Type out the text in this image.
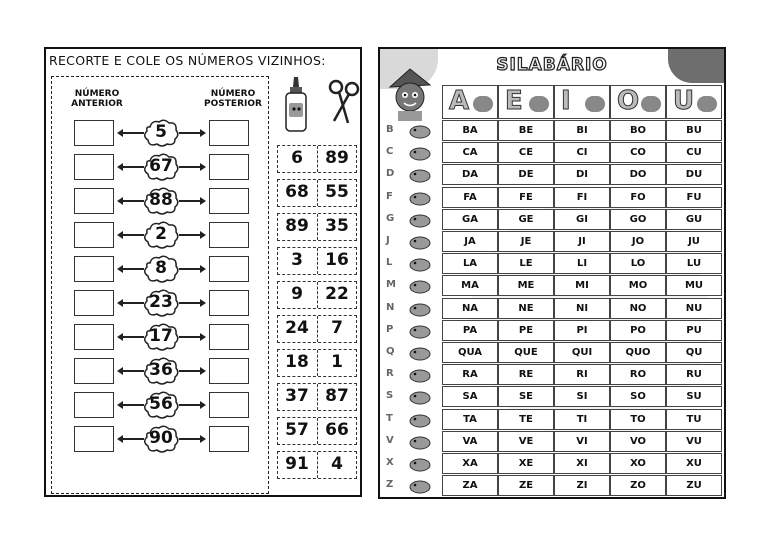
RECORTE E COLE OS NÚMEROS VIZINHOS:
NÚMERO
ANTERIOR
NÚMERO
POSTERIOR
5
67
88
2
8
23
17
36
56
90
6	89
68 55
89 35
3	16
9	22
24	7
18	1
37 87
57 66
91	4
SILABÁRIO
A E I O U
B	BA	BE	BI	BO	BU
C	CA	CE	CI	CO	CU
D	DA	DE	DI	DO	DU
F	FA	FE	FI	FO	FU
G	GA	GE	GI	GO	GU
J	JA	JE	JI	JO	JU
L	LA	LE	LI	LO	LU
M	MA	ME	MI	MO	MU
N	NA	NE	NI	NO	NU
P	PA	PE	PI	PO	PU
Q	QUA	QUE	QUI	QUO	QU
R	RA	RE	RI	RO	RU
S	SA	SE	SI	SO	SU
T	TA	TE	TI	TO	TU
V	VA	VE	VI	VO	VU
X	XA	XE	XI	XO	XU
Z	ZA	ZE	ZI	ZO	ZU
